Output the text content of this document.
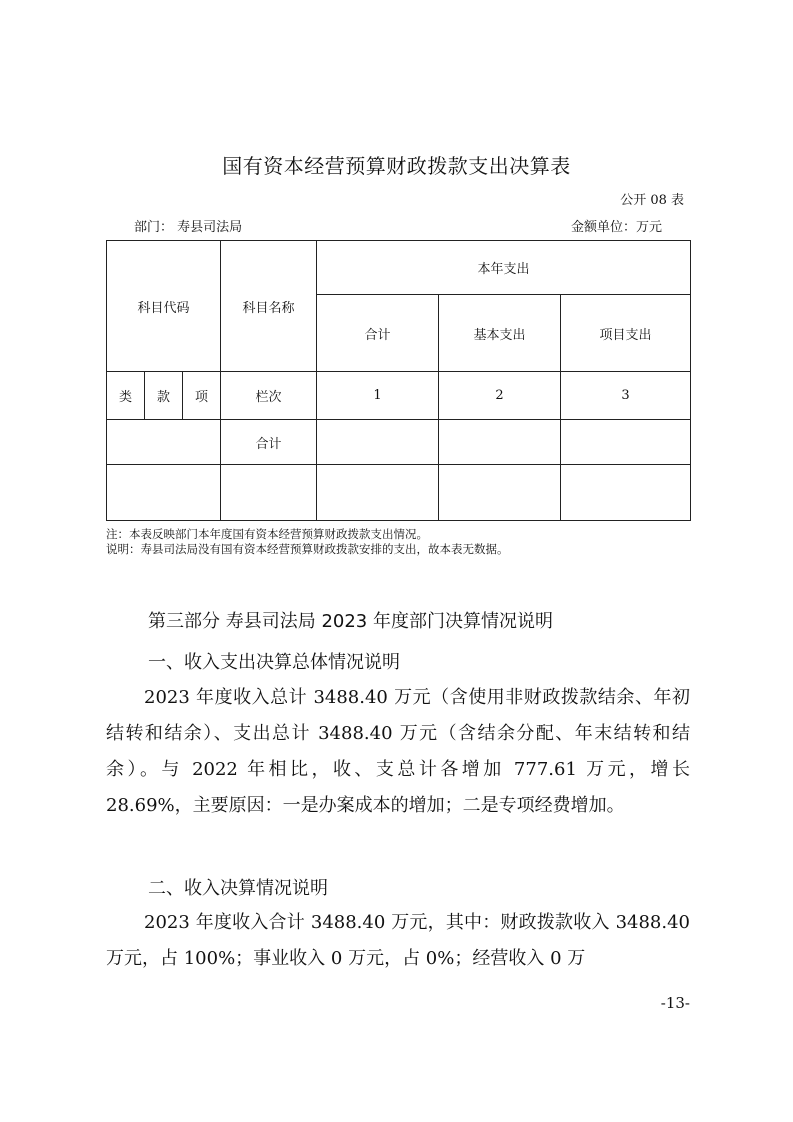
国有资本经营预算财政拨款支出决算表
公开 08 表
部门： 寿县司法局	金额单位：万元
科目代码			科目名称	本年支出		
				合计	基本支出	项目支出
类	款	项	栏次	1	2	3
			合计			

注：本表反映部门本年度国有资本经营预算财政拨款支出情况。
说明：寿县司法局没有国有资本经营预算财政拨款安排的支出，故本表无数据。
第三部分 寿县司法局 2023 年度部门决算情况说明
一、收入支出决算总体情况说明
2023 年度收入总计 3488.40 万元（含使用非财政拨款结余、年初结转和结余）、支出总计 3488.40 万元（含结余分配、年末结转和结余）。与 2022 年相比，收、支总计各增加 777.61 万元，增长 28.69%，主要原因：一是办案成本的增加；二是专项经费增加。
二、收入决算情况说明
2023 年度收入合计 3488.40 万元，其中：财政拨款收入 3488.40 万元，占 100%；事业收入 0 万元，占 0%；经营收入 0 万
-13-
